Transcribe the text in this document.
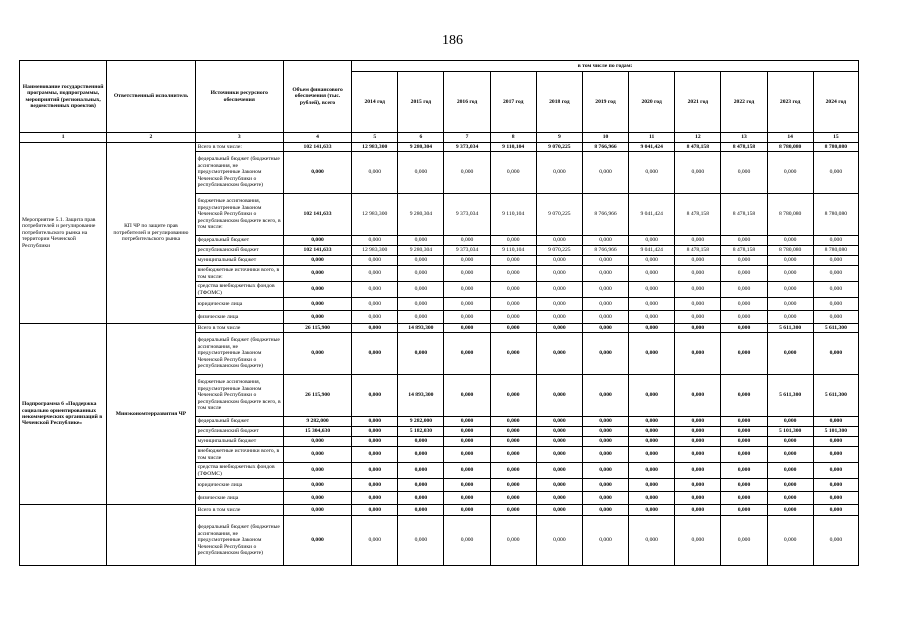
186
Наименование государственной программы, подпрограммы, мероприятий (региональных, ведомственных проектов)	Ответственный исполнитель	Источники ресурсного обеспечения	Объем финансового обеспечения (тыс. рублей), всего	в том числе по годам:										
				2014 год	2015 год	2016 год	2017 год	2018 год	2019 год	2020 год	2021 год	2022 год	2023 год	2024 год
1	2	3	4	5	6	7	8	9	10	11	12	13	14	15
Мероприятие 5.1. Защита прав потребителей и регулирование потребительского рынка на территории Чеченской Республики	КП ЧР по защите прав потребителей и регулированию потребительского рынка	Всего в том числе:	102 141,633	12 983,300	9 280,304	9 373,034	9 110,104	9 070,225	8 766,966	9 041,424	8 478,158	8 478,158	8 780,080	8 780,080
		федеральный бюджет (бюджетные ассигнования, не предусмотренные Законом Чеченской Республики о республиканском бюджете)	0,000	0,000	0,000	0,000	0,000	0,000	0,000	0,000	0,000	0,000	0,000	0,000
		бюджетные ассигнования, предусмотренные Законом Чеченской Республики о республиканском бюджете всего, в том числе:	102 141,633	12 983,300	9 280,304	9 373,034	9 110,104	9 070,225	8 766,966	9 041,424	8 478,158	8 478,158	8 780,080	8 780,080
		федеральный бюджет	0,000	0,000	0,000	0,000	0,000	0,000	0,000	0,000	0,000	0,000	0,000	0,000
		республиканский бюджет	102 141,633	12 983,300	9 280,304	9 373,034	9 110,104	9 070,225	8 766,966	9 041,424	8 478,158	8 478,158	8 780,080	8 780,080
		муниципальный бюджет	0,000	0,000	0,000	0,000	0,000	0,000	0,000	0,000	0,000	0,000	0,000	0,000
		внебюджетные источники всего, в том числе:	0,000	0,000	0,000	0,000	0,000	0,000	0,000	0,000	0,000	0,000	0,000	0,000
		средства внебюджетных фондов (ТФОМС)	0,000	0,000	0,000	0,000	0,000	0,000	0,000	0,000	0,000	0,000	0,000	0,000
		юридические лица	0,000	0,000	0,000	0,000	0,000	0,000	0,000	0,000	0,000	0,000	0,000	0,000
		физические лица	0,000	0,000	0,000	0,000	0,000	0,000	0,000	0,000	0,000	0,000	0,000	0,000
Подпрограмма 6 «Поддержка социально ориентированных некоммерческих организаций в Чеченской Республике»	Минэкономтерразвития ЧР	Всего в том числе	26 115,900	0,000	14 893,300	0,000	0,000	0,000	0,000	0,000	0,000	0,000	5 611,300	5 611,300
		федеральный бюджет (бюджетные ассигнования, не предусмотренные Законом Чеченской Республики о республиканском бюджете)	0,000	0,000	0,000	0,000	0,000	0,000	0,000	0,000	0,000	0,000	0,000	0,000
		бюджетные ассигнования, предусмотренные Законом Чеченской Республики о республиканском бюджете всего, в том числе	26 115,900	0,000	14 893,300	0,000	0,000	0,000	0,000	0,000	0,000	0,000	5 611,300	5 611,300
		федеральный бюджет	9 282,000	0,000	9 282,000	0,000	0,000	0,000	0,000	0,000	0,000	0,000	0,000	0,000
		республиканский бюджет	15 304,630	0,000	5 182,030	0,000	0,000	0,000	0,000	0,000	0,000	0,000	5 101,300	5 101,300
		муниципальный бюджет	0,000	0,000	0,000	0,000	0,000	0,000	0,000	0,000	0,000	0,000	0,000	0,000
		внебюджетные источники всего, в том числе	0,000	0,000	0,000	0,000	0,000	0,000	0,000	0,000	0,000	0,000	0,000	0,000
		средства внебюджетных фондов (ТФОМС)	0,000	0,000	0,000	0,000	0,000	0,000	0,000	0,000	0,000	0,000	0,000	0,000
		юридические лица	0,000	0,000	0,000	0,000	0,000	0,000	0,000	0,000	0,000	0,000	0,000	0,000
		физические лица	0,000	0,000	0,000	0,000	0,000	0,000	0,000	0,000	0,000	0,000	0,000	0,000
		Всего в том числе	0,000	0,000	0,000	0,000	0,000	0,000	0,000	0,000	0,000	0,000	0,000	0,000
		федеральный бюджет (бюджетные ассигнования, не предусмотренные Законом Чеченской Республики о республиканском бюджете)	0,000	0,000	0,000	0,000	0,000	0,000	0,000	0,000	0,000	0,000	0,000	0,000
